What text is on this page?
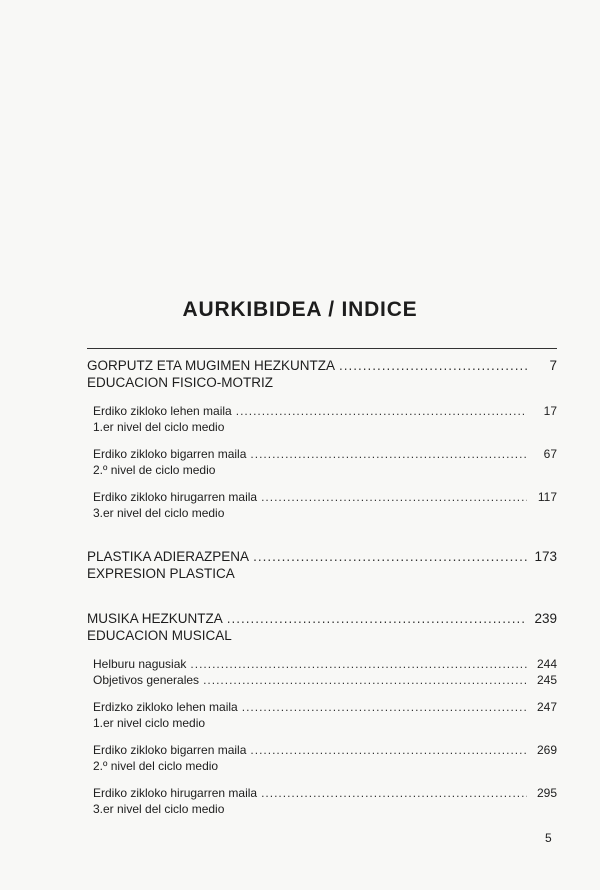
AURKIBIDEA / INDICE
GORPUTZ ETA MUGIMEN HEZKUNTZA .....	7
EDUCACION FISICO-MOTRIZ
Erdiko zikloko lehen maila .....	17
1.er nivel del ciclo medio
Erdiko zikloko bigarren maila .....	67
2.º nivel de ciclo medio
Erdiko zikloko hirugarren maila .....	117
3.er nivel del ciclo medio
PLASTIKA ADIERAZPENA .....	173
EXPRESION PLASTICA
MUSIKA HEZKUNTZA .....	239
EDUCACION MUSICAL
Helburu nagusiak .....	244
Objetivos generales .....	245
Erdizko zikloko lehen maila .....	247
1.er nivel ciclo medio
Erdiko zikloko bigarren maila .....	269
2.º nivel del ciclo medio
Erdiko zikloko hirugarren maila .....	295
3.er nivel del ciclo medio
5
